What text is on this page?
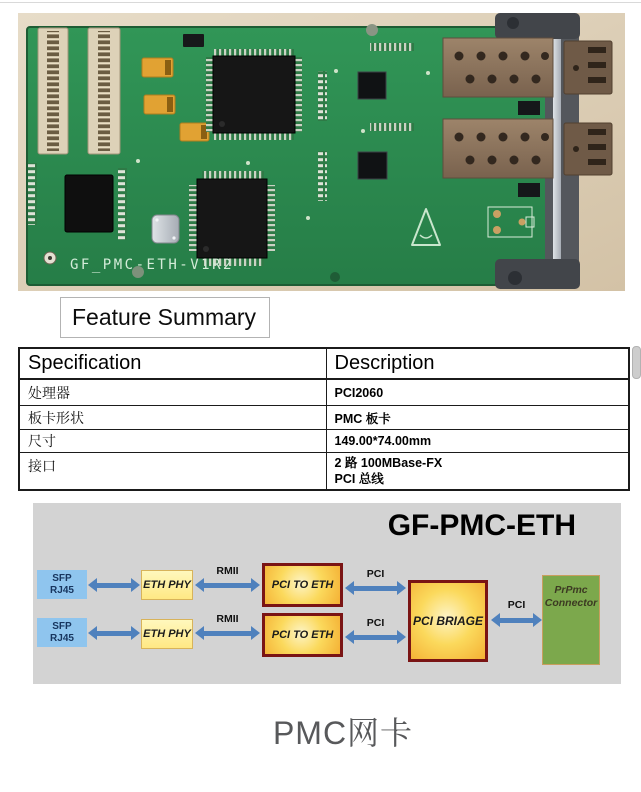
GF_PMC-ETH-V1R2
Feature Summary
Specification	Description
处理器	PCI2060
板卡形状	PMC 板卡
尺寸	149.00*74.00mm
接口	2 路 100MBase-FX
PCI 总线
GF-PMC-ETH
SFP
RJ45	ETH PHY	PCI TO ETH
SFP
RJ45	ETH PHY	PCI TO ETH
PCI BRIAGE
PrPmc
Connector
RMII
RMII
PCI
PCI
PCI
PMC网卡
